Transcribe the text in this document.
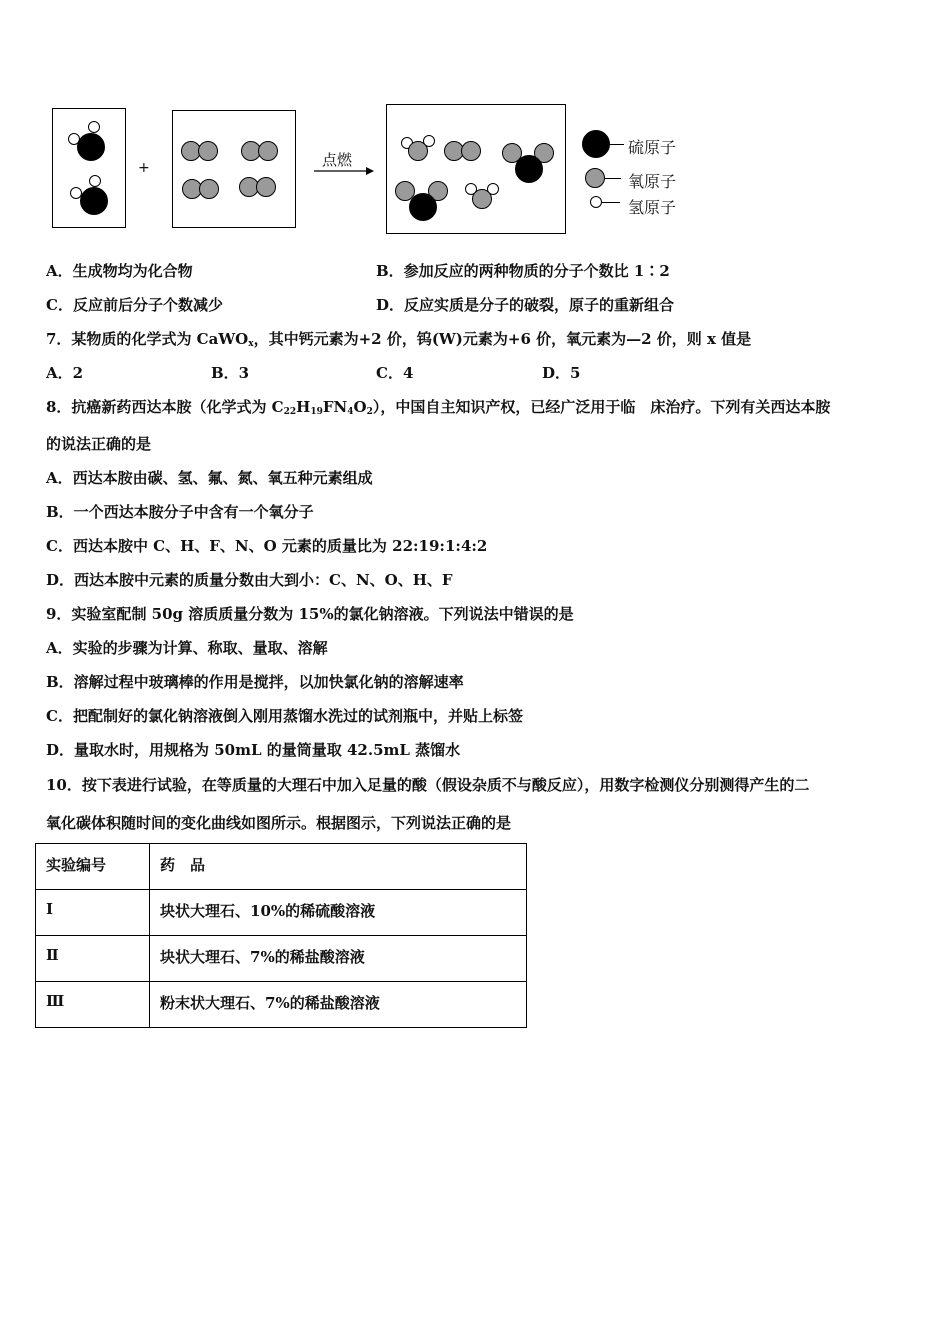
+	点燃
硫原子
氧原子
氢原子
A．生成物均为化合物	B．参加反应的两种物质的分子个数比 1∶2
C．反应前后分子个数减少	D．反应实质是分子的破裂，原子的重新组合
7．某物质的化学式为 CaWO$_x$，其中钙元素为+2 价，钨(W)元素为+6 价，氧元素为—2 价，则 x 值是
A．2	B．3	C．4	D．5
8．抗癌新药西达本胺（化学式为 $C_{22}H_{19}FN_4O_2$），中国自主知识产权，已经广泛用于临　床治疗。下列有关西达本胺
的说法正确的是
A．西达本胺由碳、氢、氟、氮、氧五种元素组成
B．一个西达本胺分子中含有一个氧分子
C．西达本胺中 C、H、F、N、O 元素的质量比为 22:19:1:4:2
D．西达本胺中元素的质量分数由大到小：C、N、O、H、F
9．实验室配制 50g 溶质质量分数为 15%的氯化钠溶液。下列说法中错误的是
A．实验的步骤为计算、称取、量取、溶解
B．溶解过程中玻璃棒的作用是搅拌，以加快氯化钠的溶解速率
C．把配制好的氯化钠溶液倒入刚用蒸馏水洗过的试剂瓶中，并贴上标签
D．量取水时，用规格为 50mL 的量筒量取 42.5mL 蒸馏水
10．按下表进行试验，在等质量的大理石中加入足量的酸（假设杂质不与酸反应），用数字检测仪分别测得产生的二
氧化碳体积随时间的变化曲线如图所示。根据图示，下列说法正确的是
实验编号	药　品
Ⅰ	块状大理石、10%的稀硫酸溶液
Ⅱ	块状大理石、7%的稀盐酸溶液
Ⅲ	粉末状大理石、7%的稀盐酸溶液
